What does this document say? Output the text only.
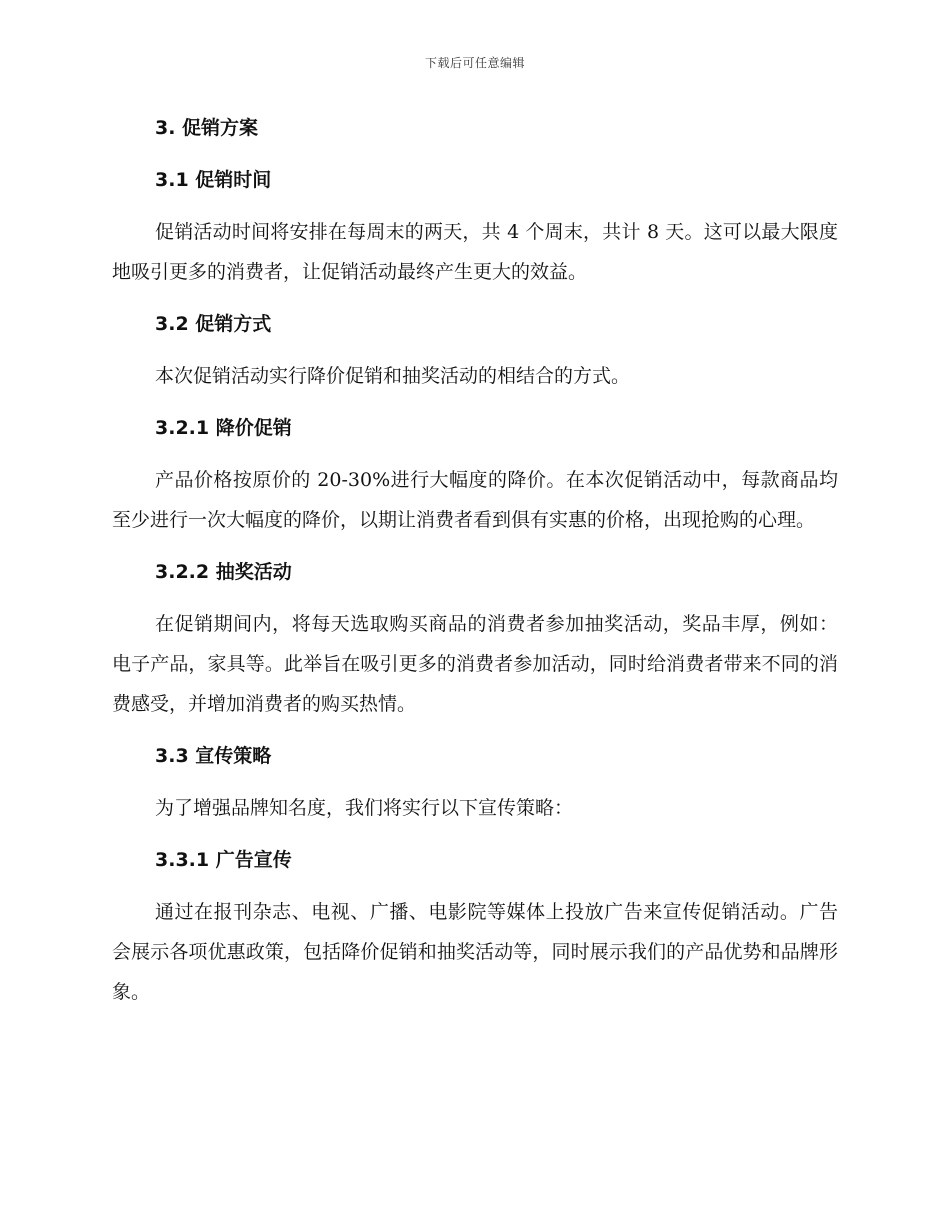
下载后可任意编辑
3. 促销方案
3.1 促销时间
促销活动时间将安排在每周末的两天，共 4 个周末，共计 8 天。这可以最大限度地吸引更多的消费者，让促销活动最终产生更大的效益。
3.2 促销方式
本次促销活动实行降价促销和抽奖活动的相结合的方式。
3.2.1 降价促销
产品价格按原价的 20-30%进行大幅度的降价。在本次促销活动中，每款商品均至少进行一次大幅度的降价，以期让消费者看到俱有实惠的价格，出现抢购的心理。
3.2.2 抽奖活动
在促销期间内，将每天选取购买商品的消费者参加抽奖活动，奖品丰厚，例如：电子产品，家具等。此举旨在吸引更多的消费者参加活动，同时给消费者带来不同的消费感受，并增加消费者的购买热情。
3.3 宣传策略
为了增强品牌知名度，我们将实行以下宣传策略：
3.3.1 广告宣传
通过在报刊杂志、电视、广播、电影院等媒体上投放广告来宣传促销活动。广告会展示各项优惠政策，包括降价促销和抽奖活动等，同时展示我们的产品优势和品牌形象。
